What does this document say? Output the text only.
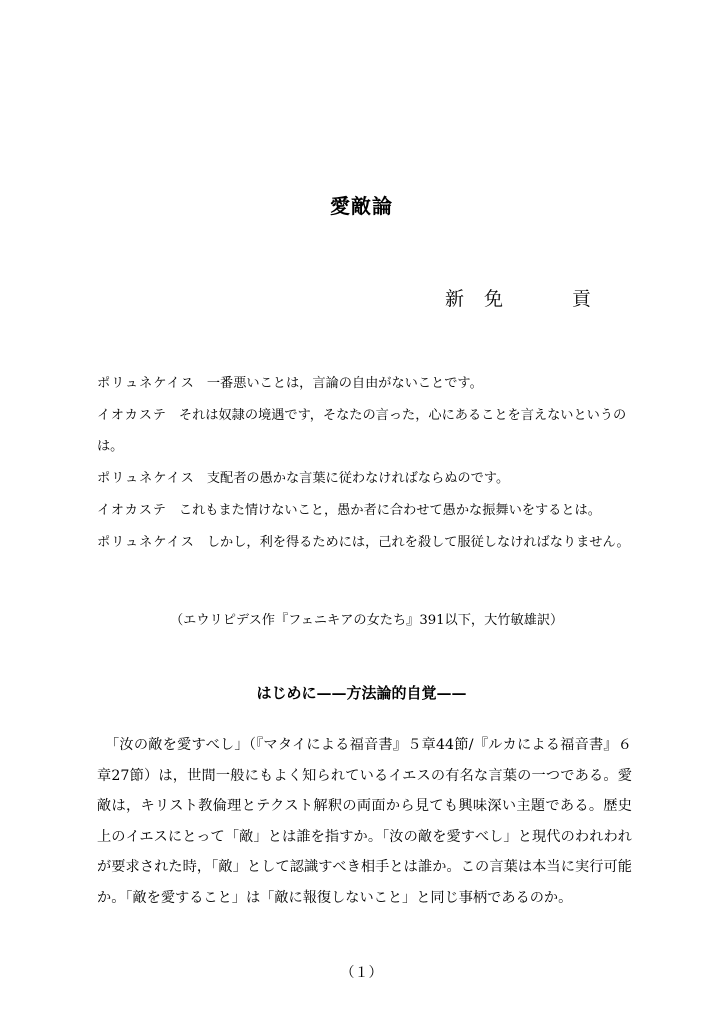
愛敵論
新 免	貢
ポリュネケイス 一番悪いことは，言論の自由がないことです。
イオカステ それは奴隷の境遇です，そなたの言った，心にあることを言えないというのは。
ポリュネケイス 支配者の愚かな言葉に従わなければならぬのです。
イオカステ これもまた情けないこと，愚か者に合わせて愚かな振舞いをするとは。
ポリュネケイス しかし，利を得るためには，己れを殺して服従しなければなりません。

（エウリピデス作『フェニキアの女たち』391以下，大竹敏雄訳）

はじめに——方法論的自覚——

「汝の敵を愛すべし」（『マタイによる福音書』５章44節/『ルカによる福音書』６章27節）は，世間一般にもよく知られているイエスの有名な言葉の一つである。愛敵は，キリスト教倫理とテクスト解釈の両面から見ても興味深い主題である。歴史上のイエスにとって「敵」とは誰を指すか。「汝の敵を愛すべし」と現代のわれわれが要求された時，「敵」として認識すべき相手とは誰か。この言葉は本当に実行可能か。「敵を愛すること」は「敵に報復しないこと」と同じ事柄であるのか。

（１）
